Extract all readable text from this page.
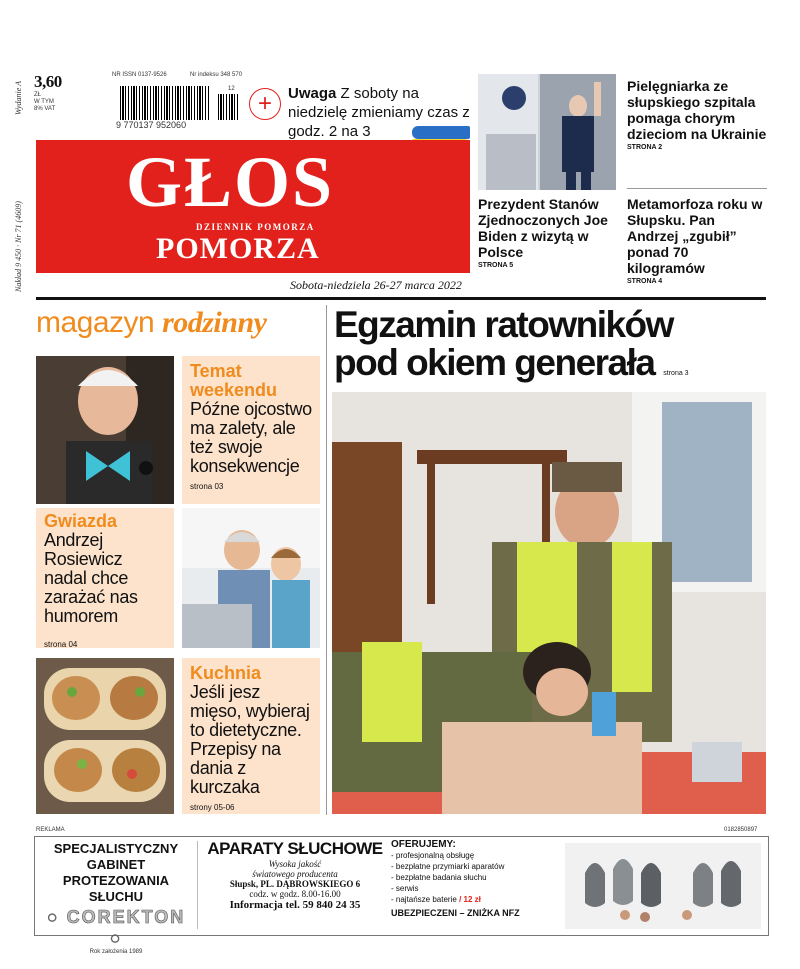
Wydanie A
Nakład 9 450 · Nr 71 (4609)
3,60
ZŁ
W TYM
8% VAT
NR ISSN 0137-9526	Nr indeksu 348 570
9 770137 952060
12
+	Uwaga Z soboty na niedzielę zmieniamy czas z godz. 2 na 3
GŁOS
DZIENNIK POMORZA
POMORZA
Sobota-niedziela 26-27 marca 2022
Prezydent Stanów Zjednoczonych Joe Biden z wizytą w Polsce
STRONA 5
Pielęgniarka ze słupskiego szpitala pomaga chorym dzieciom na Ukrainie
STRONA 2
Metamorfoza roku w Słupsku. Pan Andrzej „zgubił” ponad 70 kilogramów
STRONA 4
magazyn rodzinny
Temat weekendu
Późne ojcostwo ma zalety, ale też swoje konsekwencje
strona 03
Gwiazda
Andrzej Rosiewicz nadal chce zarażać nas humorem
strona 04
Kuchnia
Jeśli jesz mięso, wybieraj to dietetyczne. Przepisy na dania z kurczaka
strony 05-06
Egzamin ratowników
pod okiem generała strona 3
REKLAMA	0182850897
SPECJALISTYCZNY GABINET PROTEZOWANIA SŁUCHU
○ COREKTON ○
Rok założenia 1989
APARATY SŁUCHOWE
Wysoka jakość
światowego producenta
Słupsk, PL. DĄBROWSKIEGO 6
codz. w godz. 8.00-16.00
Informacja tel. 59 840 24 35
OFERUJEMY:
- profesjonalną obsługę
- bezpłatne przymiarki aparatów
- bezpłatne badania słuchu
- serwis
- najtańsze baterie / 12 zł
UBEZPIECZENI – ZNIŻKA NFZ
